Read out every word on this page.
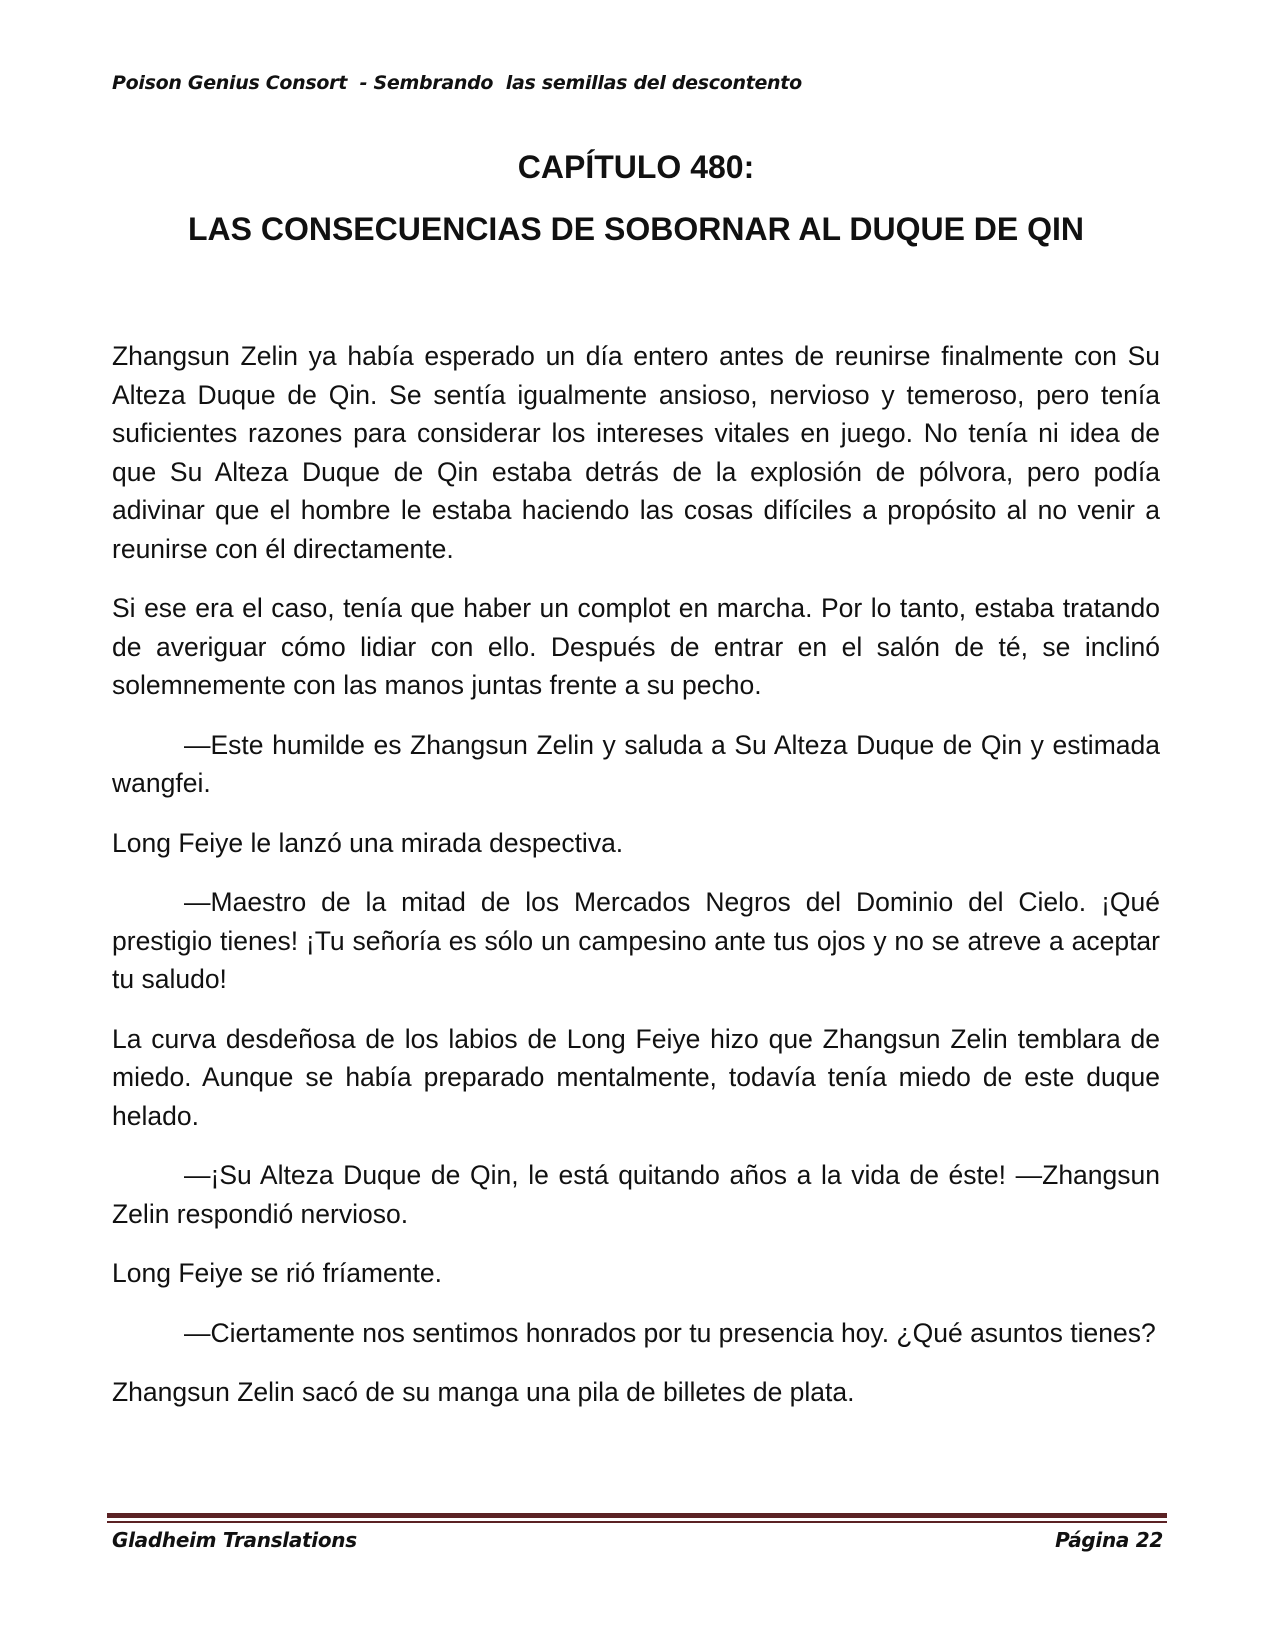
Poison Genius Consort  - Sembrando  las semillas del descontento
CAPÍTULO 480:
LAS CONSECUENCIAS DE SOBORNAR AL DUQUE DE QIN

Zhangsun Zelin ya había esperado un día entero antes de reunirse finalmente con Su Alteza Duque de Qin. Se sentía igualmente ansioso, nervioso y temeroso, pero tenía suficientes razones para considerar los intereses vitales en juego. No tenía ni idea de que Su Alteza Duque de Qin estaba detrás de la explosión de pólvora, pero podía adivinar que el hombre le estaba haciendo las cosas difíciles a propósito al no venir a reunirse con él directamente.

Si ese era el caso, tenía que haber un complot en marcha. Por lo tanto, estaba tratando de averiguar cómo lidiar con ello. Después de entrar en el salón de té, se inclinó solemnemente con las manos juntas frente a su pecho.

—Este humilde es Zhangsun Zelin y saluda a Su Alteza Duque de Qin y estimada wangfei.

Long Feiye le lanzó una mirada despectiva.

—Maestro de la mitad de los Mercados Negros del Dominio del Cielo. ¡Qué prestigio tienes! ¡Tu señoría es sólo un campesino ante tus ojos y no se atreve a aceptar tu saludo!

La curva desdeñosa de los labios de Long Feiye hizo que Zhangsun Zelin temblara de miedo. Aunque se había preparado mentalmente, todavía tenía miedo de este duque helado.

—¡Su Alteza Duque de Qin, le está quitando años a la vida de éste! —Zhangsun Zelin respondió nervioso.

Long Feiye se rió fríamente.

—Ciertamente nos sentimos honrados por tu presencia hoy. ¿Qué asuntos tienes?

Zhangsun Zelin sacó de su manga una pila de billetes de plata.

Gladheim Translations	Página 22
